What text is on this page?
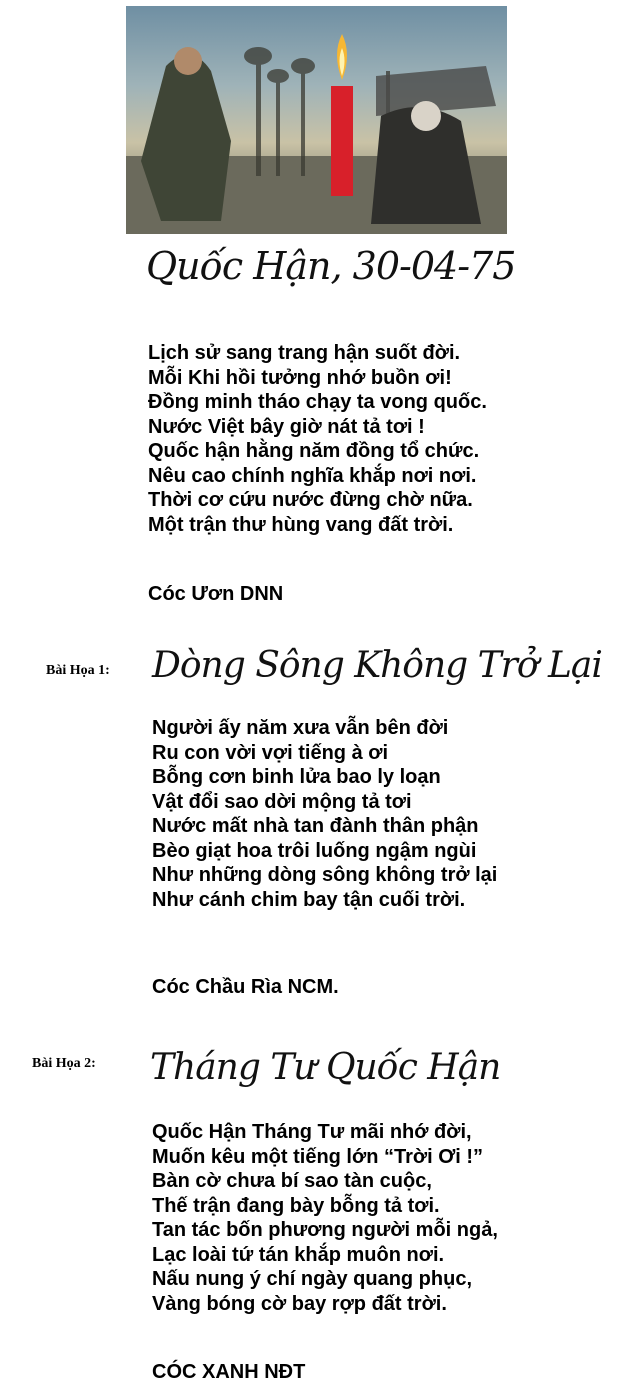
Quốc Hận, 30-04-75
Lịch sử sang trang hận suốt đời.
Mỗi Khi hồi tưởng nhớ buồn ơi!
Đồng minh tháo chạy ta vong quốc.
Nước Việt bây giờ nát tả tơi !
Quốc hận hằng năm đồng tổ chức.
Nêu cao chính nghĩa khắp nơi nơi.
Thời cơ cứu nước đừng chờ nữa.
Một trận thư hùng vang đất trời.
Cóc Ươn DNN
Bài Họa 1: Dòng Sông Không Trở Lại
Người ấy năm xưa vẫn bên đời
Ru con vời vợi tiếng à ơi
Bỗng cơn binh lửa bao ly loạn
Vật đổi sao dời mộng tả tơi
Nước mất nhà tan đành thân phận
Bèo giạt hoa trôi luống ngậm ngùi
Như những dòng sông không trở lại
Như cánh chim bay tận cuối trời.
Cóc Chầu Rìa NCM.
Bài Họa 2: Tháng Tư Quốc Hận
Quốc Hận Tháng Tư mãi nhớ đời,
Muốn kêu một tiếng lớn “Trời Ơi !”
Bàn cờ chưa bí sao tàn cuộc,
Thế trận đang bày bỗng tả tơi.
Tan tác bốn phương người mỗi ngả,
Lạc loài tứ tán khắp muôn nơi.
Nấu nung ý chí ngày quang phục,
Vàng bóng cờ bay rợp đất trời.
CÓC XANH NĐT
